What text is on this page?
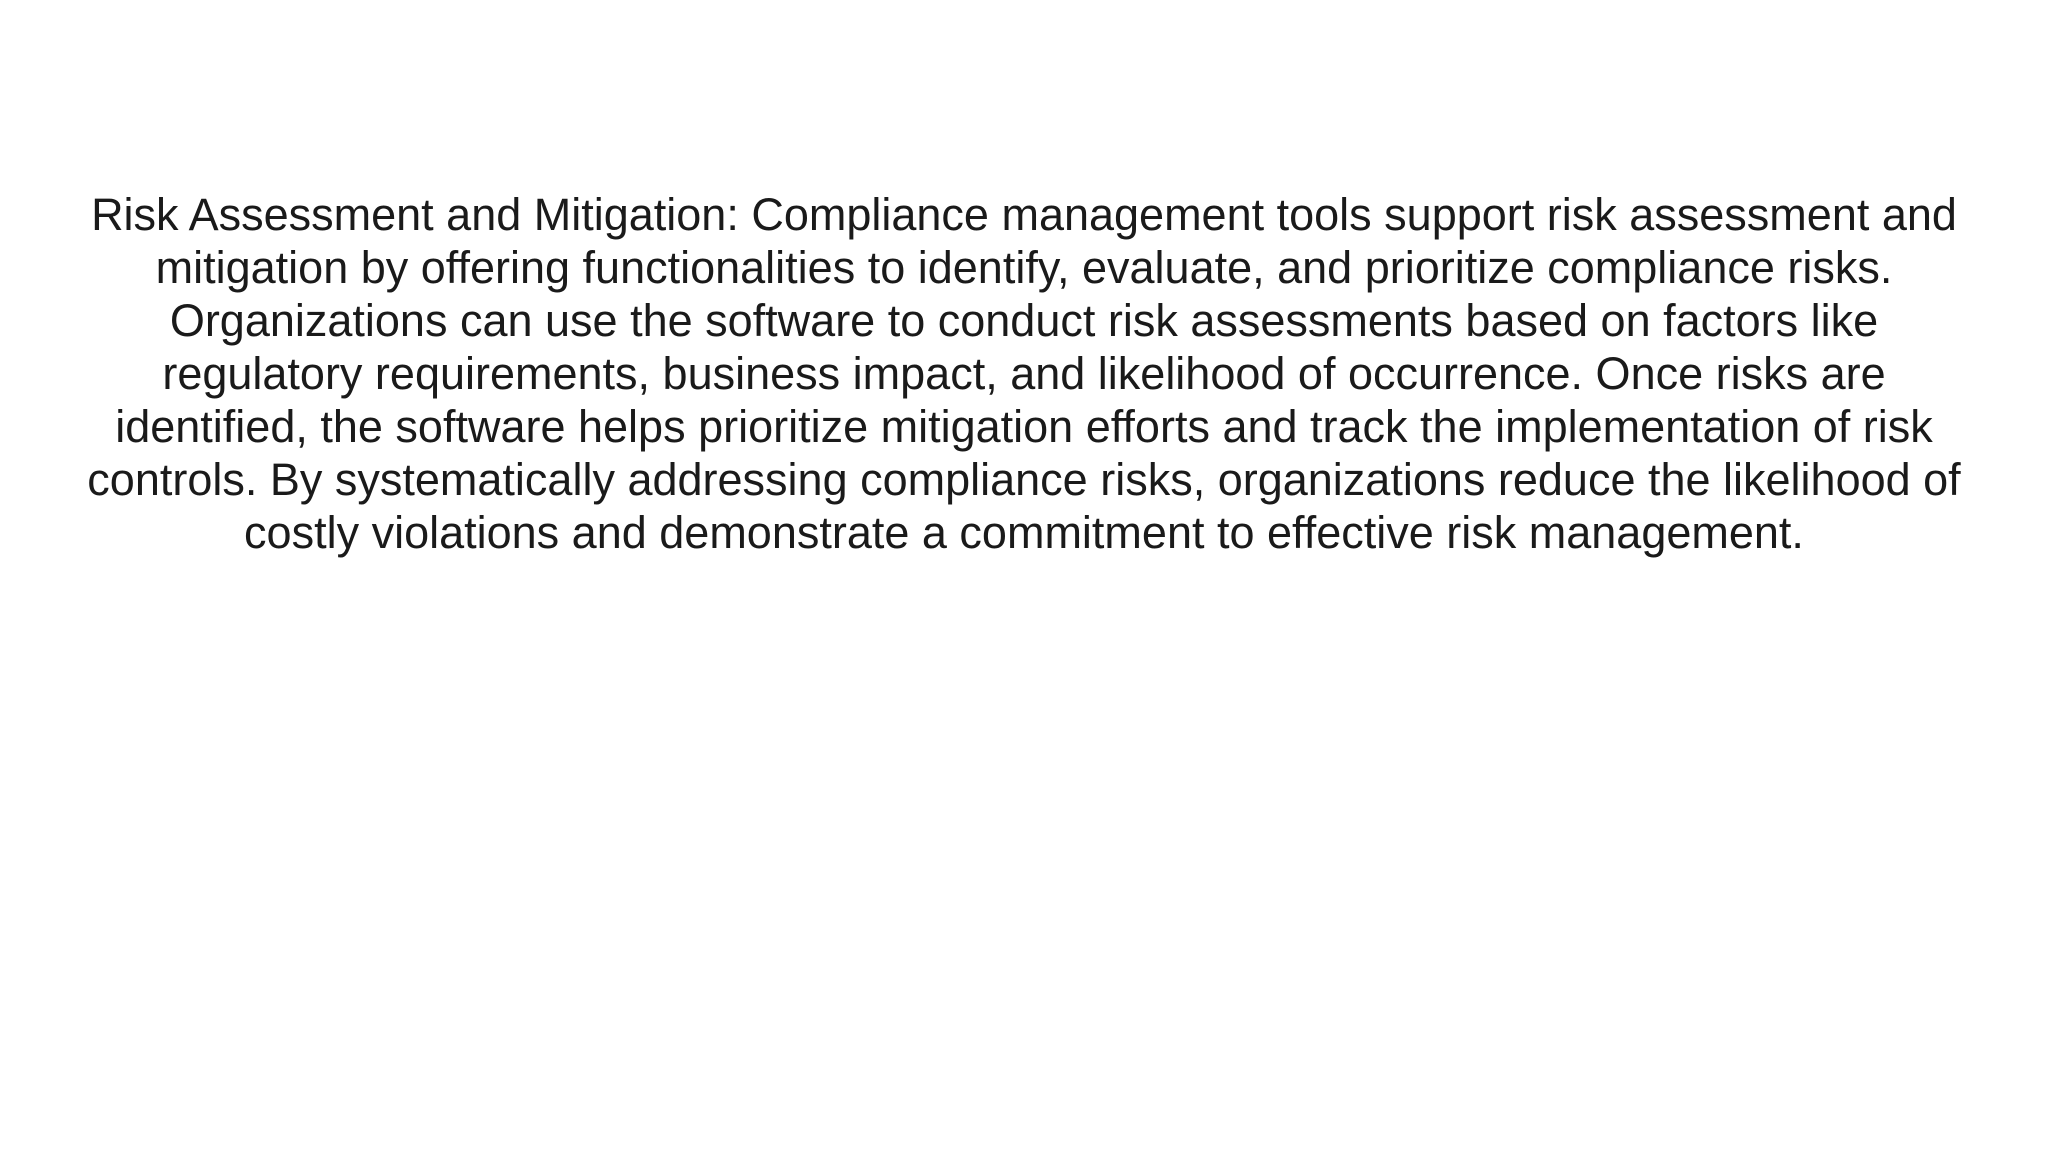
Risk Assessment and Mitigation: Compliance management tools support risk assessment and mitigation by offering functionalities to identify, evaluate, and prioritize compliance risks. Organizations can use the software to conduct risk assessments based on factors like regulatory requirements, business impact, and likelihood of occurrence. Once risks are identified, the software helps prioritize mitigation efforts and track the implementation of risk controls. By systematically addressing compliance risks, organizations reduce the likelihood of costly violations and demonstrate a commitment to effective risk management.
